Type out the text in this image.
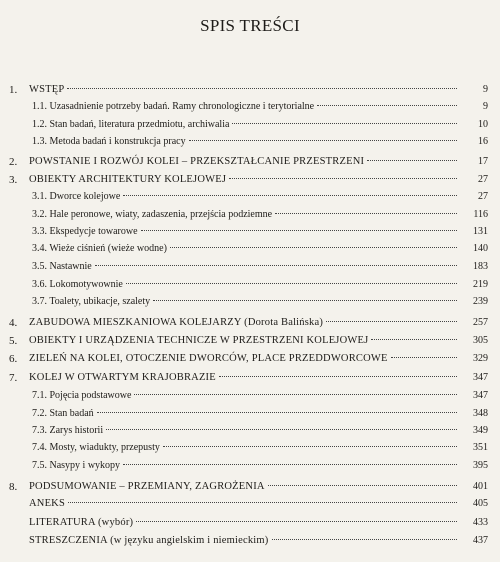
SPIS TREŚCI
1. WSTĘP	9
1.1. Uzasadnienie potrzeby badań. Ramy chronologiczne i terytorialne	9
1.2. Stan badań, literatura przedmiotu, archiwalia	10
1.3. Metoda badań i konstrukcja pracy	16
2. POWSTANIE I ROZWÓJ KOLEI – PRZEKSZTAŁCANIE PRZESTRZENI	17
3. OBIEKTY ARCHITEKTURY KOLEJOWEJ	27
3.1. Dworce kolejowe	27
3.2. Hale peronowe, wiaty, zadaszenia, przejścia podziemne	116
3.3. Ekspedycje towarowe	131
3.4. Wieże ciśnień (wieże wodne)	140
3.5. Nastawnie	183
3.6. Lokomotywownie	219
3.7. Toalety, ubikacje, szalety	239
4. ZABUDOWA MIESZKANIOWA KOLEJARZY (Dorota Balińska)	257
5. OBIEKTY I URZĄDZENIA TECHNICZE W PRZESTRZENI KOLEJOWEJ	305
6. ZIELEŃ NA KOLEI, OTOCZENIE DWORCÓW, PLACE PRZEDDWORCOWE	329
7. KOLEJ W OTWARTYM KRAJOBRAZIE	347
7.1. Pojęcia podstawowe	347
7.2. Stan badań	348
7.3. Zarys historii	349
7.4. Mosty, wiadukty, przepusty	351
7.5. Nasypy i wykopy	395
8. PODSUMOWANIE – PRZEMIANY, ZAGROŻENIA	401
ANEKS	405
LITERATURA (wybór)	433
STRESZCZENIA (w języku angielskim i niemieckim)	437
